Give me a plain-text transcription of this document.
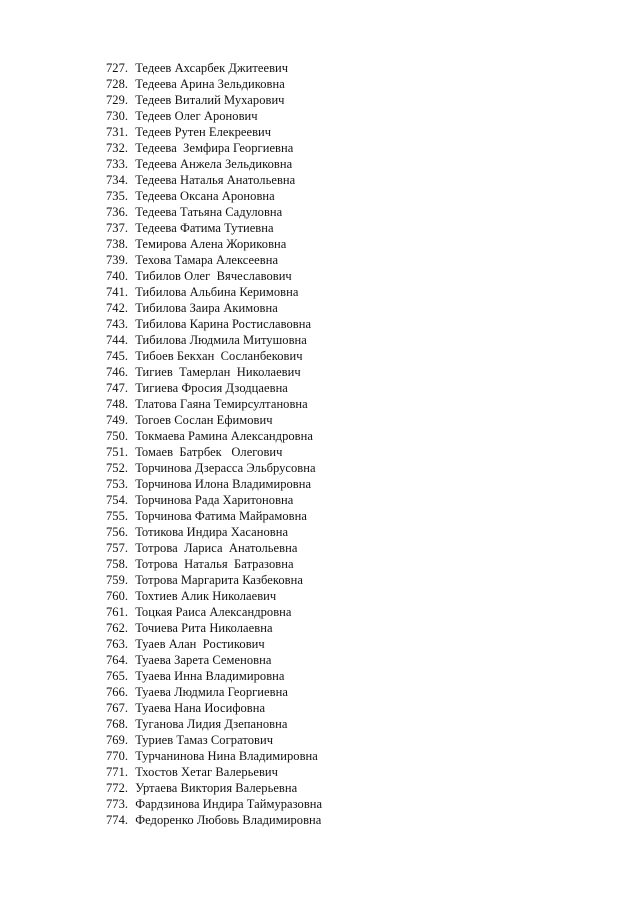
727. Тедеев Ахсарбек Джитеевич
728. Тедеева Арина Зельдиковна
729. Тедеев Виталий Мухарович
730. Тедеев Олег Аронович
731. Тедеев Рутен Елекреевич
732. Тедеева  Земфира Георгиевна
733. Тедеева Анжела Зельдиковна
734. Тедеева Наталья Анатольевна
735. Тедеева Оксана Ароновна
736. Тедеева Татьяна Садуловна
737. Тедеева Фатима Тутиевна
738. Темирова Алена Жориковна
739. Техова Тамара Алексеевна
740. Тибилов Олег  Вячеславович
741. Тибилова Альбина Керимовна
742. Тибилова Заира Акимовна
743. Тибилова Карина Ростиславовна
744. Тибилова Людмила Митушовна
745. Тибоев Бекхан  Сосланбекович
746. Тигиев  Тамерлан  Николаевич
747. Тигиева Фросия Дзодцаевна
748. Тлатова Гаяна Темирсултановна
749. Тогоев Сослан Ефимович
750. Токмаева Рамина Александровна
751. Томаев  Батрбек   Олегович
752. Торчинова Дзерасса Эльбрусовна
753. Торчинова Илона Владимировна
754. Торчинова Рада Харитоновна
755. Торчинова Фатима Майрамовна
756. Тотикова Индира Хасановна
757. Тотрова  Лариса  Анатольевна
758. Тотрова  Наталья  Батразовна
759. Тотрова Маргарита Казбековна
760. Тохтиев Алик Николаевич
761. Тоцкая Раиса Александровна
762. Точиева Рита Николаевна
763. Туаев Алан  Ростикович
764. Туаева Зарета Семеновна
765. Туаева Инна Владимировна
766. Туаева Людмила Георгиевна
767. Туаева Нана Иосифовна
768. Туганова Лидия Дзепановна
769. Туриев Тамаз Согратович
770. Турчанинова Нина Владимировна
771. Тхостов Хетаг Валерьевич
772. Уртаева Виктория Валерьевна
773. Фардзинова Индира Таймуразовна
774. Федоренко Любовь Владимировна
